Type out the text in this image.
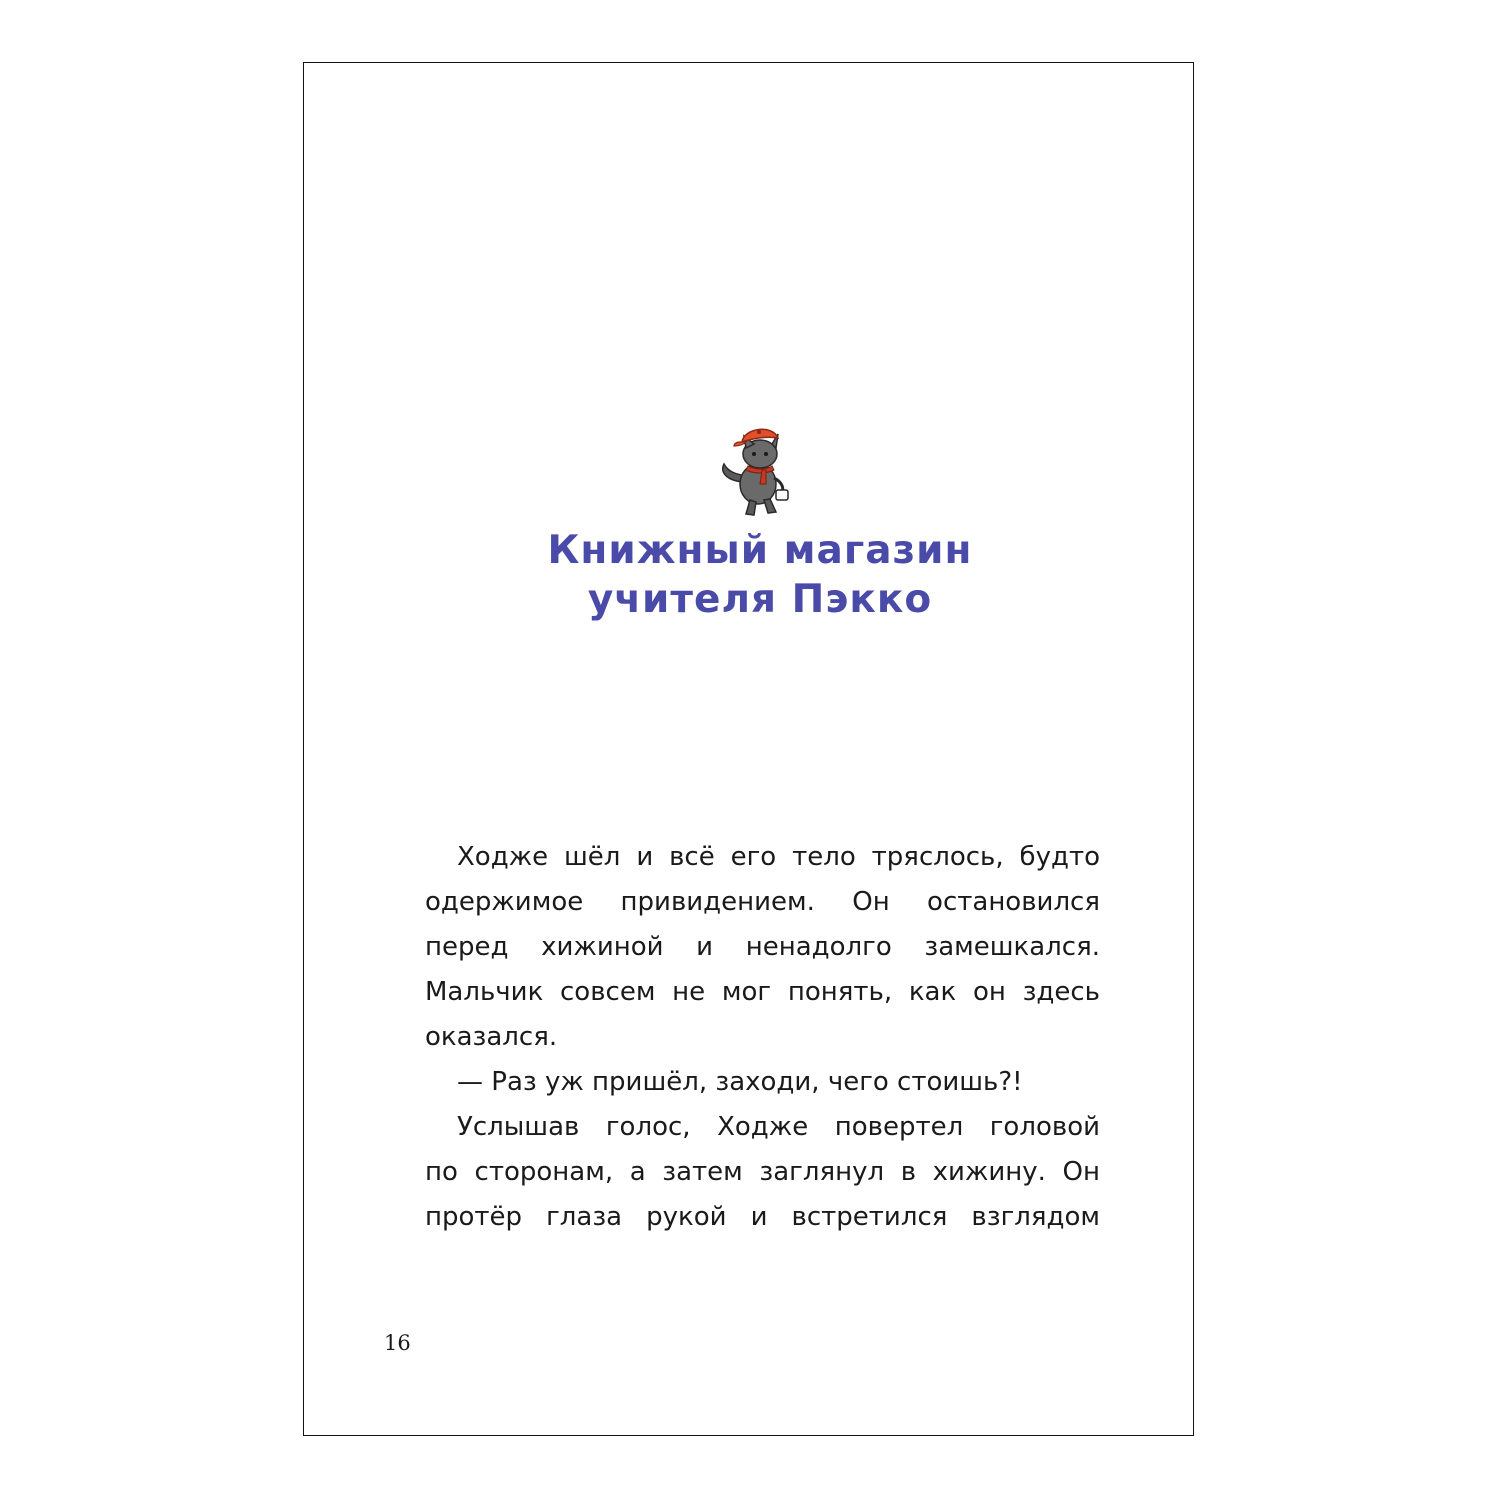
Книжный магазин
учителя Пэкко
Ходже шёл и всё его тело тряслось, будто
одержимое привидением. Он остановился
перед хижиной и ненадолго замешкался.
Мальчик совсем не мог понять, как он здесь
оказался.
— Раз уж пришёл, заходи, чего стоишь?!
Услышав голос, Ходже повертел головой
по сторонам, а затем заглянул в хижину. Он
протёр глаза рукой и встретился взглядом
16
